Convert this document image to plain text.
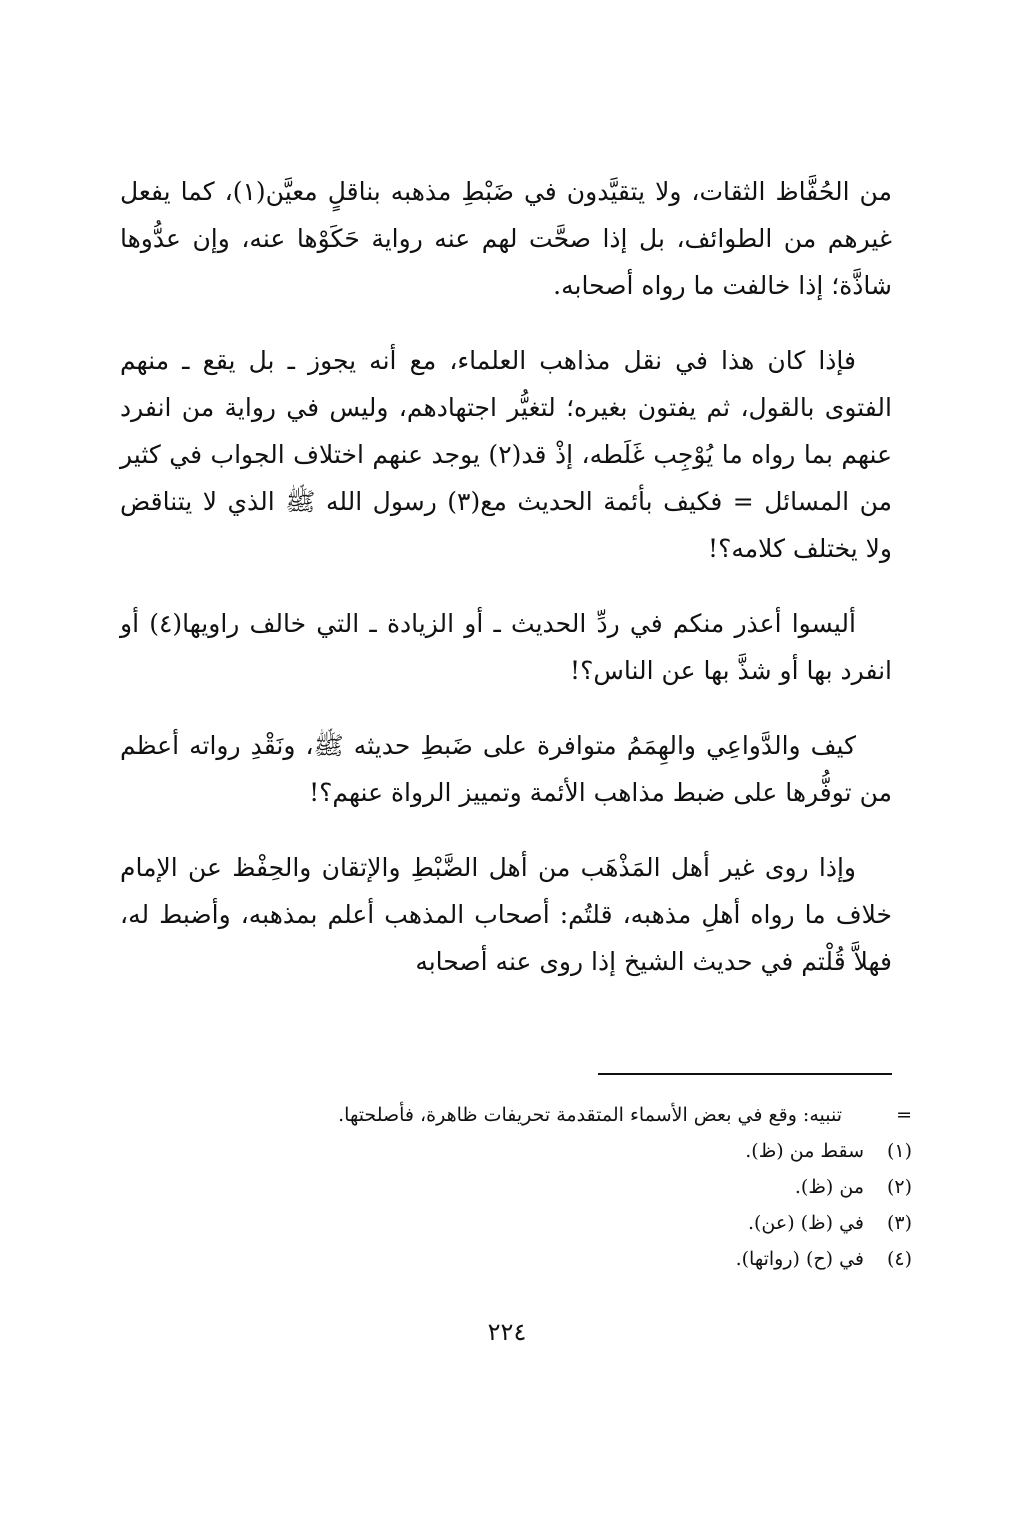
من الحُفَّاظ الثقات، ولا يتقيَّدون في ضَبْطِ مذهبه بناقلٍ معيَّن(١)، كما يفعل غيرهم من الطوائف، بل إذا صحَّت لهم عنه رواية حَكَوْها عنه، وإن عدُّوها شاذَّة؛ إذا خالفت ما رواه أصحابه.

فإذا كان هذا في نقل مذاهب العلماء، مع أنه يجوز ـ بل يقع ـ منهم الفتوى بالقول، ثم يفتون بغيره؛ لتغيُّر اجتهادهم، وليس في رواية من انفرد عنهم بما رواه ما يُوْجِب غَلَطه، إذْ قد(٢) يوجد عنهم اختلاف الجواب في كثير من المسائل = فكيف بأئمة الحديث مع(٣) رسول الله ﷺ الذي لا يتناقض ولا يختلف كلامه؟!

أليسوا أعذر منكم في ردِّ الحديث ـ أو الزيادة ـ التي خالف راويها(٤) أو انفرد بها أو شذَّ بها عن الناس؟!

كيف والدَّواعِي والهِمَمُ متوافرة على ضَبطِ حديثه ﷺ، ونَقْدِ رواته أعظم من توفُّرها على ضبط مذاهب الأئمة وتمييز الرواة عنهم؟!

وإذا روى غير أهل المَذْهَب من أهل الضَّبْطِ والإتقان والحِفْظ عن الإمام خلاف ما رواه أهلِ مذهبه، قلتُم: أصحاب المذهب أعلم بمذهبه، وأضبط له، فهلاَّ قُلْتم في حديث الشيخ إذا روى عنه أصحابه

=تنبيه: وقع في بعض الأسماء المتقدمة تحريفات ظاهرة، فأصلحتها.

(١)سقط من (ظ).

(٢)من (ظ).

(٣)في (ظ) (عن).

(٤)في (ح) (رواتها).

٢٢٤
